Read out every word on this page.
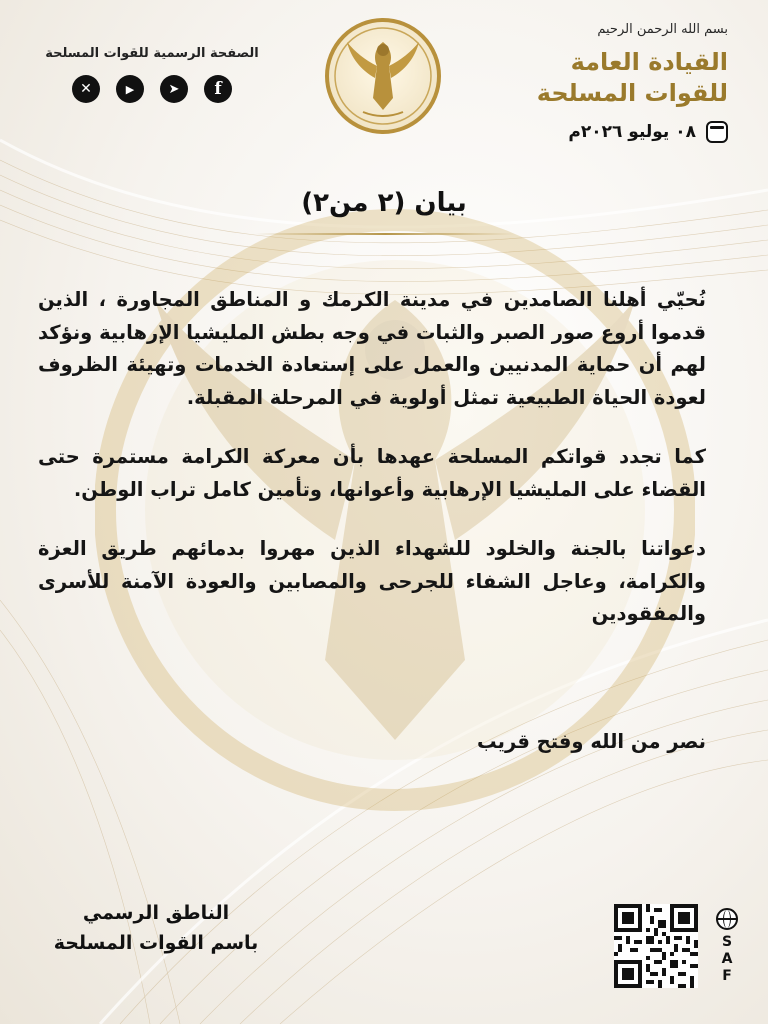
بسم الله الرحمن الرحيم
القيادة العامة
للقوات المسلحة
٠٨ يوليو ٢٠٢٦م
الصفحة الرسمية للقوات المسلحة
✕	▶	➤	f
بيان (٢ من٢)

نُحيّي أهلنا الصامدين في مدينة الكرمك و المناطق المجاورة ، الذين قدموا أروع صور الصبر والثبات في وجه بطش المليشيا الإرهابية ونؤكد لهم أن حماية المدنيين والعمل على إستعادة الخدمات وتهيئة الظروف لعودة الحياة الطبيعية تمثل أولوية في المرحلة المقبلة.

كما تجدد قواتكم المسلحة عهدها بأن معركة الكرامة مستمرة حتى القضاء على المليشيا الإرهابية وأعوانها، وتأمين كامل تراب الوطن.

دعواتنا بالجنة والخلود للشهداء الذين مهروا بدمائهم طريق العزة والكرامة، وعاجل الشفاء للجرحى والمصابين والعودة الآمنة للأسرى والمفقودين

نصر من الله وفتح قريب
الناطق الرسمي
باسم القوات المسلحة	S
A
F
